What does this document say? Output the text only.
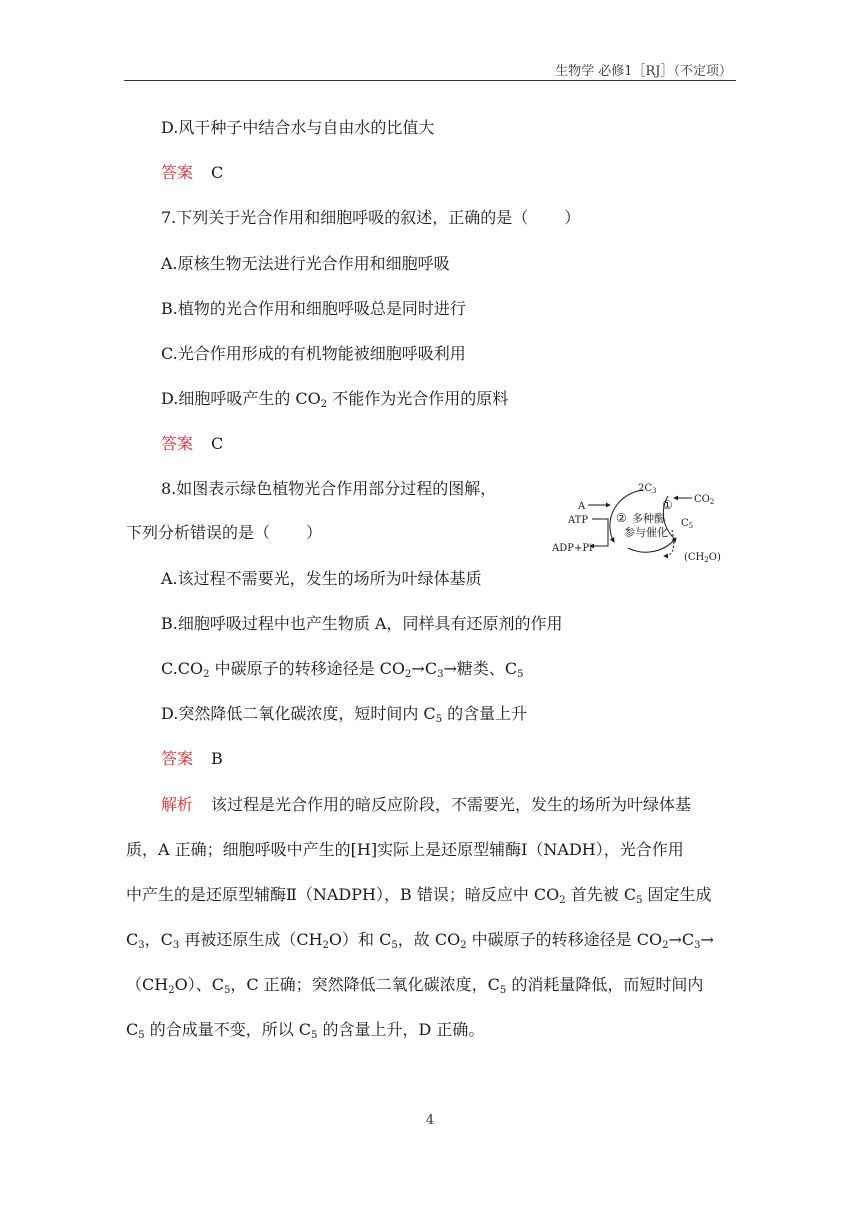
生物学 必修1［RJ］（不定项）
D.风干种子中结合水与自由水的比值大
答案 C
7.下列关于光合作用和细胞呼吸的叙述，正确的是（ ）
A.原核生物无法进行光合作用和细胞呼吸
B.植物的光合作用和细胞呼吸总是同时进行
C.光合作用形成的有机物能被细胞呼吸利用
D.细胞呼吸产生的 $CO_2$ 不能作为光合作用的原料
答案 C
8.如图表示绿色植物光合作用部分过程的图解，
下列分析错误的是（ ）
A
ATP
ADP+Pi
$2C_3$
$CO_2$
$C_5$
$(CH_2O)$
①
② 多种酶
参与催化
A.该过程不需要光，发生的场所为叶绿体基质
B.细胞呼吸过程中也产生物质 A，同样具有还原剂的作用
$C.CO_2$ 中碳原子的转移途径是 $CO_2\to C_3\to$糖类、$C_5$
D.突然降低二氧化碳浓度，短时间内 $C_5$ 的含量上升
答案 B
解析 该过程是光合作用的暗反应阶段，不需要光，发生的场所为叶绿体基
质，A 正确；细胞呼吸中产生的[H]实际上是还原型辅酶Ⅰ（NADH），光合作用
中产生的是还原型辅酶Ⅱ（NADPH），B 错误；暗反应中 $CO_2$ 首先被 $C_5$ 固定生成
$C_3$，$C_3$ 再被还原生成$(CH_2O)$和 $C_5$，故 $CO_2$ 中碳原子的转移途径是 $CO_2\to C_3\to$
$(CH_2O)$、$C_5$，C 正确；突然降低二氧化碳浓度，$C_5$ 的消耗量降低，而短时间内
$C_5$ 的合成量不变，所以 $C_5$ 的含量上升，D 正确。
4
